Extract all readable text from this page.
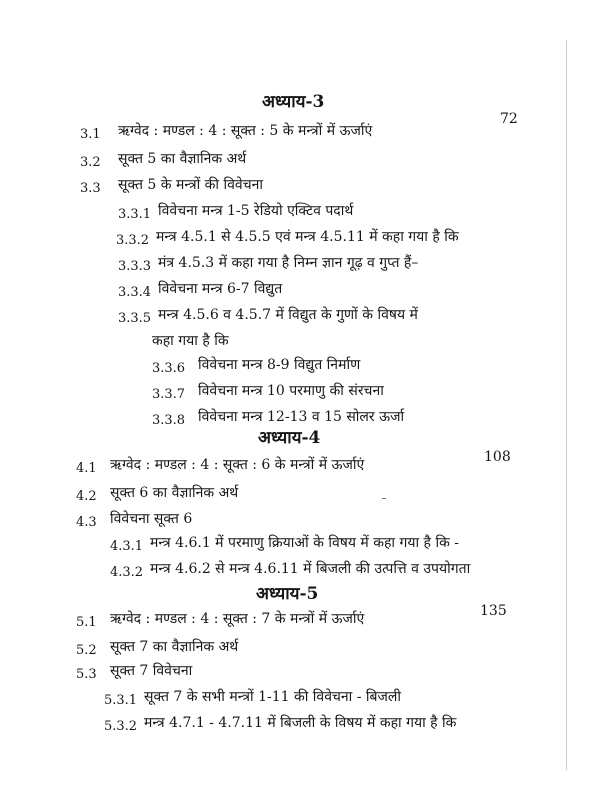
अध्याय-3
72
3.1 ऋग्वेद : मण्डल : 4 : सूक्त : 5 के मन्त्रों में ऊर्जाएं
3.2 सूक्त 5 का वैज्ञानिक अर्थ
3.3 सूक्त 5 के मन्त्रों की विवेचना
3.3.1 विवेचना मन्त्र 1-5 रेडियो एक्टिव पदार्थ
3.3.2 मन्त्र 4.5.1 से 4.5.5 एवं मन्त्र 4.5.11 में कहा गया है कि
3.3.3 मंत्र 4.5.3 में कहा गया है निम्न ज्ञान गूढ़ व गुप्त हैं–
3.3.4 विवेचना मन्त्र 6-7 विद्युत
3.3.5 मन्त्र 4.5.6 व 4.5.7 में विद्युत के गुणों के विषय में
कहा गया है कि
3.3.6 विवेचना मन्त्र 8-9 विद्युत निर्माण
3.3.7 विवेचना मन्त्र 10 परमाणु की संरचना
3.3.8 विवेचना मन्त्र 12-13 व 15 सोलर ऊर्जा
अध्याय-4
108
4.1 ऋग्वेद : मण्डल : 4 : सूक्त : 6 के मन्त्रों में ऊर्जाएं
4.2 सूक्त 6 का वैज्ञानिक अर्थ
4.3 विवेचना सूक्त 6
4.3.1 मन्त्र 4.6.1 में परमाणु क्रियाओं के विषय में कहा गया है कि -
4.3.2 मन्त्र 4.6.2 से मन्त्र 4.6.11 में बिजली की उत्पत्ति व उपयोगता
अध्याय-5
135
5.1 ऋग्वेद : मण्डल : 4 : सूक्त : 7 के मन्त्रों में ऊर्जाएं
5.2 सूक्त 7 का वैज्ञानिक अर्थ
5.3 सूक्त 7 विवेचना
5.3.1 सूक्त 7 के सभी मन्त्रों 1-11 की विवेचना - बिजली
5.3.2 मन्त्र 4.7.1 - 4.7.11 में बिजली के विषय में कहा गया है कि
